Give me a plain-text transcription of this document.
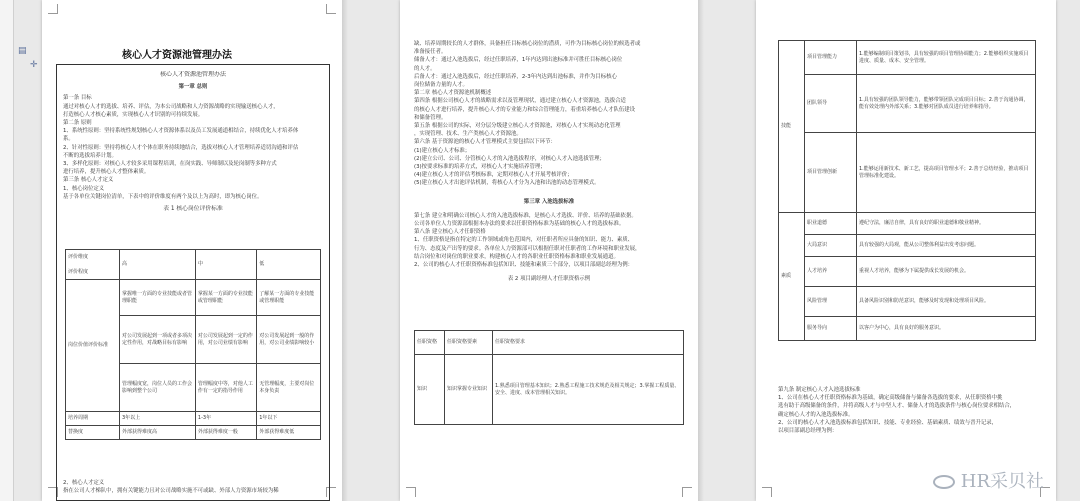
▤
✛
核心人才资源池管理办法
核心人才资源池管理办法
第一章 总则
第一条 目标
通过对核心人才的选拔、培养、评估，为本公司战略和人力资源战略的实现输送核心人才，
打造核心人才核心素质，实现核心人才识别的可持续发展。
第二条 原则
1、系统性原则：坚持系统性规划核心人才资源体系以及员工发展通道相结合，持续优化人才培养体
系。
2、针对性原则：坚持将核心人才个体在职务持续地结合，选拔对核心人才管理培养适切沟通和评估
不断的选拔培养计划。
3、多样化原则：对核心人才较多采用课程培训，在岗实践、导师制以及轮岗制等多种方式
进行培养，提升核心人才整体素质。
第三条 核心人才定义
1、核心岗位定义
基于各单位关键岗位清单，下表中的评价维度有两个及以上为高时，即为核心岗位。
表 1 核心岗位评价标准
评价维度
评价程度	高	中	低
岗位价值评价标准	掌握唯一方面的专业技能或者管理职能	掌握某一方面的专业技能或管理职能	了解某一方面的专业技能或管理职能
	对公司发展起到一项或者多项决定性作用，对战略目标有影响	对公司发展起到一定的作用，对公司业绩有影响	对公司发展起到一般的作用，对公司业绩影响较小
	管理幅度宽，岗位人员的工作会影响到整个公司	管理幅度中等，对他人工作有一定的指导作用	无管理幅度，主要对岗位本身负责
培养周期	3年以上	1-3年	1年以下
替换度	外部获得难度高	外部获得难度一般	外部获得难度低
2、核心人才定义
指在公司人才梯队中，拥有关键能力且对公司战略实施不可或缺、外部人力资源市场较为稀
缺、培养周期较长的人才群体，具备担任目标核心岗位的潜质，可作为目标核心岗位的候选者或
准备接任者。
储备人才：通过入池选拔后，经过任职培养，1年内达到出池标准并可胜任目标核心岗位
的人才。
后备人才：通过入池选拔后，经过任职培养，2-3年内达到出池标准，并作为目标核心
岗位储备力量的人才。
第二章 核心人才资源池机制概述
第四条 根据公司核心人才的战略需求以及管理现状，通过建立核心人才资源池，选拔合适
的核心人才进行培养，提升核心人才的专业能力和综合管理能力，着重培养核心人才队伍建设
和储备管理。
第五条 根据公司的实际，对分层分级建立核心人才资源池，对核心人才实现动态化管理
，实现管理、技术、生产类核心人才资源池。
第六条 基于资源池的核心人才管理模式主要包括以下环节：
(1)建立核心人才标准；
(2)建立公司、公司、分管核心人才的入池选拔程序，对核心人才入池选拔管理；
(3)按要求标准的培养方式，对核心人才实施培养管理；
(4)建立核心人才的评估考核标准，定期对核心人才开展考核评价；
(5)建立核心人才出池评估机制，将核心人才分为入池和出池的动态管理模式。
第三章 入池选拔标准
第七条 建立和明确公司核心人才的入池选拔标准，是核心人才选拔、评价、培养的基础依据。
公司各单位人力资源部根据本办法的要求以任职资格标准为基础的核心人才的选拔标准。
第八条 建立核心人才任职资格
1、任职资格是指在特定的工作领域或角色范围内，对任职者所应具备的知识、能力、素质、
行为、态度及产出等的要求。各单位人力资源部可以根据任职对任职者的工作环境和职业发展，
结合岗位和对岗位的职业要求，构建核心人才的各职业任职资格标准和职业发展通道。
2、公司的核心人才任职资格标准包括知识、技能和素质三个部分，以项目部副总经理为例：
表 2 项目副经理人才任职资格示例
任职资格	任职资格要素	任职资格要求
知识	知识掌握专业知识	1.熟悉项目管理基本知识；2.熟悉工程施工技术规范及相关规定；3.掌握工程质量、安全、进度、成本管理相关知识。
技能	项目管理能力	1.能够编制项目策划书，具有较强的项目管理协调能力；2.能够组织实施项目进度、质量、成本、安全管理。
	团队领导	1.具有较强的团队领导能力，能够带领团队完成项目目标；2.善于沟通协调，能有效处理内外部关系；3.能够对团队成员进行培养和指导。
	项目管理创新	1.能够运用新技术、新工艺，提高项目管理水平；2.善于总结经验，推动项目管理标准化建设。
素质	职业道德	遵纪守法，廉洁自律，具有良好的职业道德和敬业精神。
	大局意识	具有较强的大局观，能从公司整体利益出发考虑问题。
	人才培养	重视人才培养，能够为下属提供成长发展的机会。
	风险管理	具备风险识别和防范意识，能够及时发现和处理项目风险。
	服务导向	以客户为中心，具有良好的服务意识。
第九条 制定核心人才入池选拔标准
1、公司在核心人才任职资格标准为基础，确定高级储备与储备各选拔的要求，从任职资格中挑
选有助于高级储备的条件，并将高级人才与中坚人才、储备人才的选拔条件与核心岗位要求相结合，
确定核心人才的入池选拔标准。
2、公司的核心人才入池选拔标准包括知识、技能、专业经验、基础素质、绩效与晋升记录，
以项目部副总经理为例：
HR采贝社
